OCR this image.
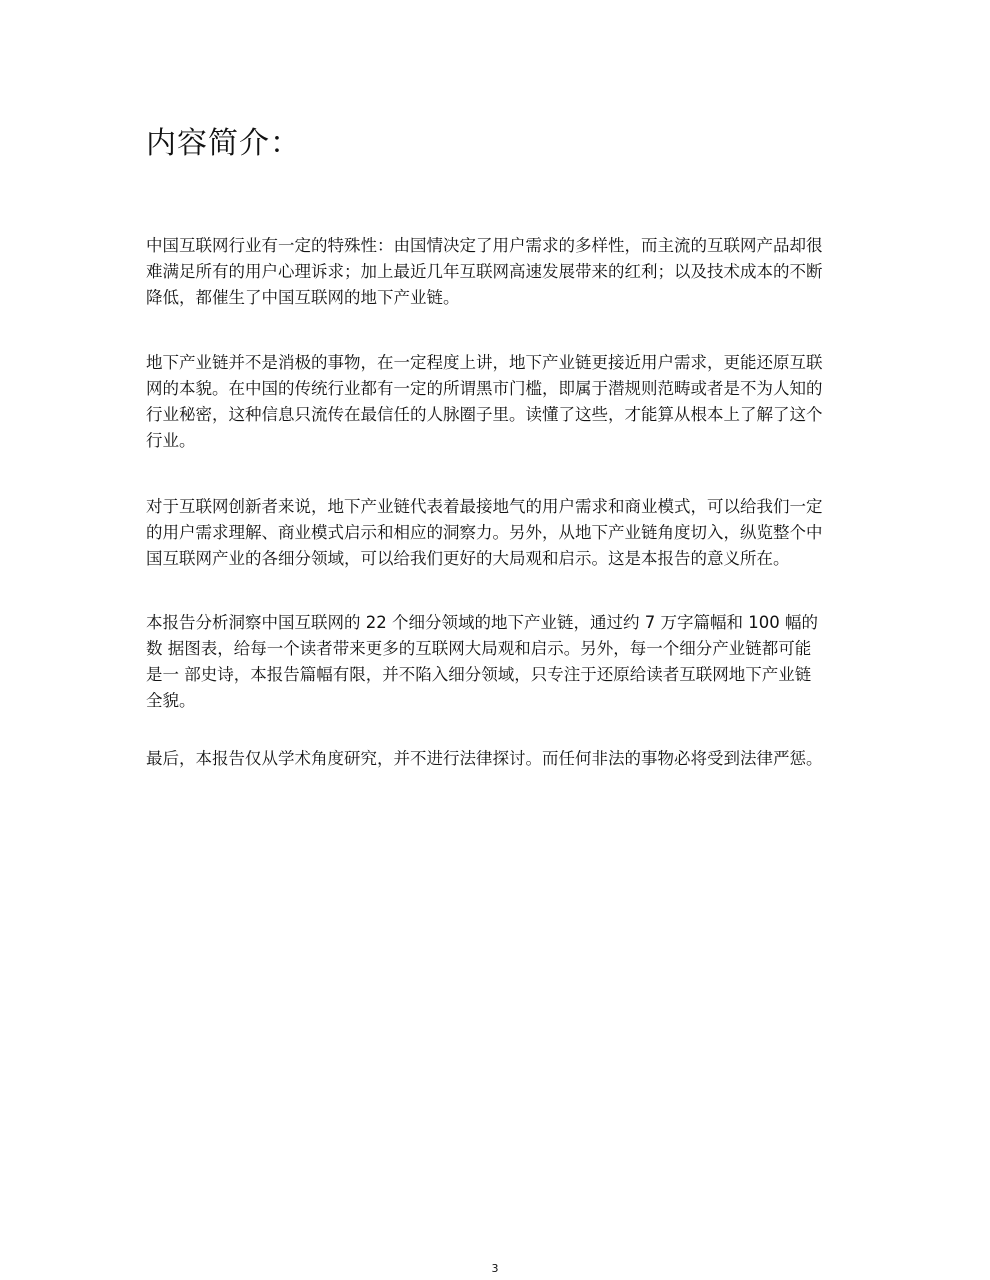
内容简介：

中国互联网行业有一定的特殊性：由国情决定了用户需求的多样性，而主流的互联网产品却很
难满足所有的用户心理诉求；加上最近几年互联网高速发展带来的红利；以及技术成本的不断
降低，都催生了中国互联网的地下产业链。

地下产业链并不是消极的事物，在一定程度上讲，地下产业链更接近用户需求，更能还原互联
网的本貌。在中国的传统行业都有一定的所谓黑市门槛，即属于潜规则范畴或者是不为人知的
行业秘密，这种信息只流传在最信任的人脉圈子里。读懂了这些，才能算从根本上了解了这个
行业。

对于互联网创新者来说，地下产业链代表着最接地气的用户需求和商业模式，可以给我们一定
的用户需求理解、商业模式启示和相应的洞察力。另外，从地下产业链角度切入，纵览整个中
国互联网产业的各细分领域，可以给我们更好的大局观和启示。这是本报告的意义所在。

本报告分析洞察中国互联网的 22 个细分领域的地下产业链，通过约 7 万字篇幅和 100 幅的
数 据图表，给每一个读者带来更多的互联网大局观和启示。另外，每一个细分产业链都可能
是一 部史诗，本报告篇幅有限，并不陷入细分领域，只专注于还原给读者互联网地下产业链
全貌。

最后，本报告仅从学术角度研究，并不进行法律探讨。而任何非法的事物必将受到法律严惩。

3
